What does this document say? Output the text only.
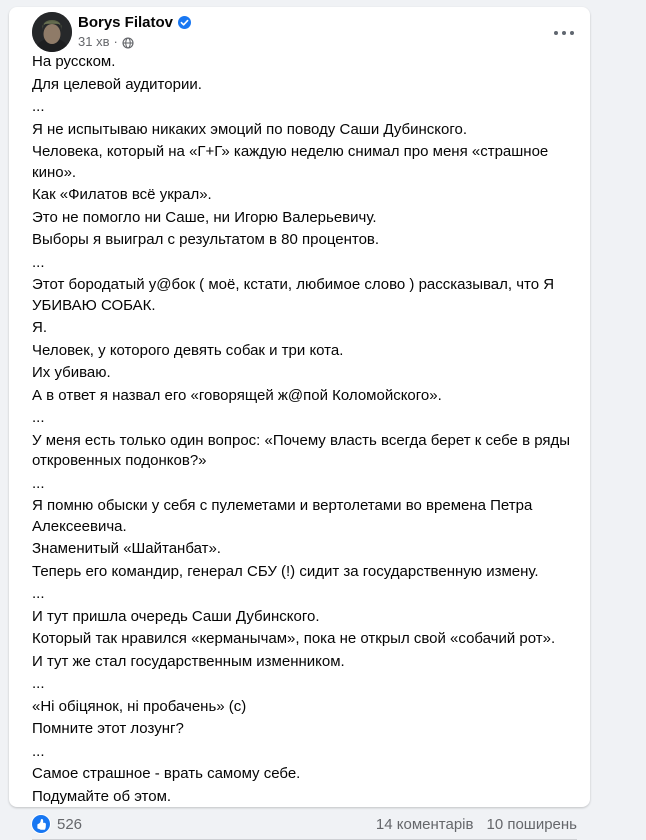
Borys Filatov
31 хв ·

На русском.

Для целевой аудитории.

...

Я не испытываю никаких эмоций по поводу Саши Дубинского.

Человека, который на «Г+Г» каждую неделю снимал про меня «страшное кино».

Как «Филатов всё украл».

Это не помогло ни Саше, ни Игорю Валерьевичу.

Выборы я выиграл с результатом в 80 процентов.

...

Этот бородатый у@бок ( моё, кстати, любимое слово ) рассказывал, что Я УБИВАЮ СОБАК.

Я.

Человек, у которого девять собак и три кота.

Их убиваю.

А в ответ я назвал его «говорящей ж@пой Коломойского».

...

У меня есть только один вопрос: «Почему власть всегда берет к себе в ряды откровенных подонков?»

...

Я помню обыски у себя с пулеметами и вертолетами во времена Петра Алексеевича.

Знаменитый «Шайтанбат».

Теперь его командир, генерал СБУ (!) сидит за государственную измену.

...

И тут пришла очередь Саши Дубинского.

Который так нравился «керманычам», пока не открыл свой «собачий рот».

И тут же стал государственным изменником.

...

«Ні обіцянок, ні пробачень» (с)

Помните этот лозунг?

...

Самое страшное - врать самому себе.

Подумайте об этом.

526	14 коментарів 10 поширень
